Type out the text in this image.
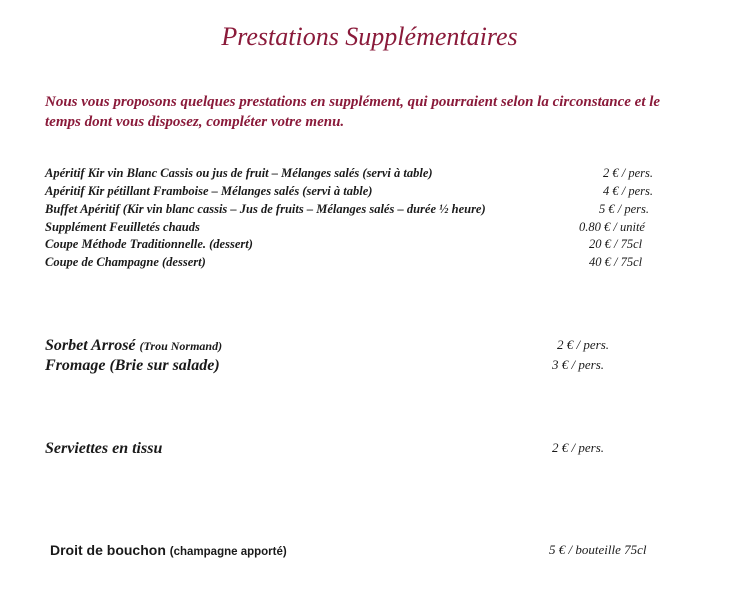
Prestations Supplémentaires

Nous vous proposons quelques prestations en supplément, qui pourraient selon la circonstance et le temps dont vous disposez, compléter votre menu.

Apéritif Kir vin Blanc Cassis ou jus de fruit – Mélanges salés (servi à table)	2 € / pers.
Apéritif Kir pétillant Framboise – Mélanges salés (servi à table)	4 € / pers.
Buffet Apéritif (Kir vin blanc cassis – Jus de fruits – Mélanges salés – durée ½ heure)	5 € / pers.
Supplément Feuilletés chauds	0.80 € / unité
Coupe Méthode Traditionnelle. (dessert)	20 € / 75cl
Coupe de Champagne (dessert)	40 € / 75cl
Sorbet Arrosé (Trou Normand)	2 € / pers.
Fromage (Brie sur salade)	3 € / pers.
Serviettes en tissu	2 € / pers.
Droit de bouchon (champagne apporté)	5 € / bouteille 75cl
